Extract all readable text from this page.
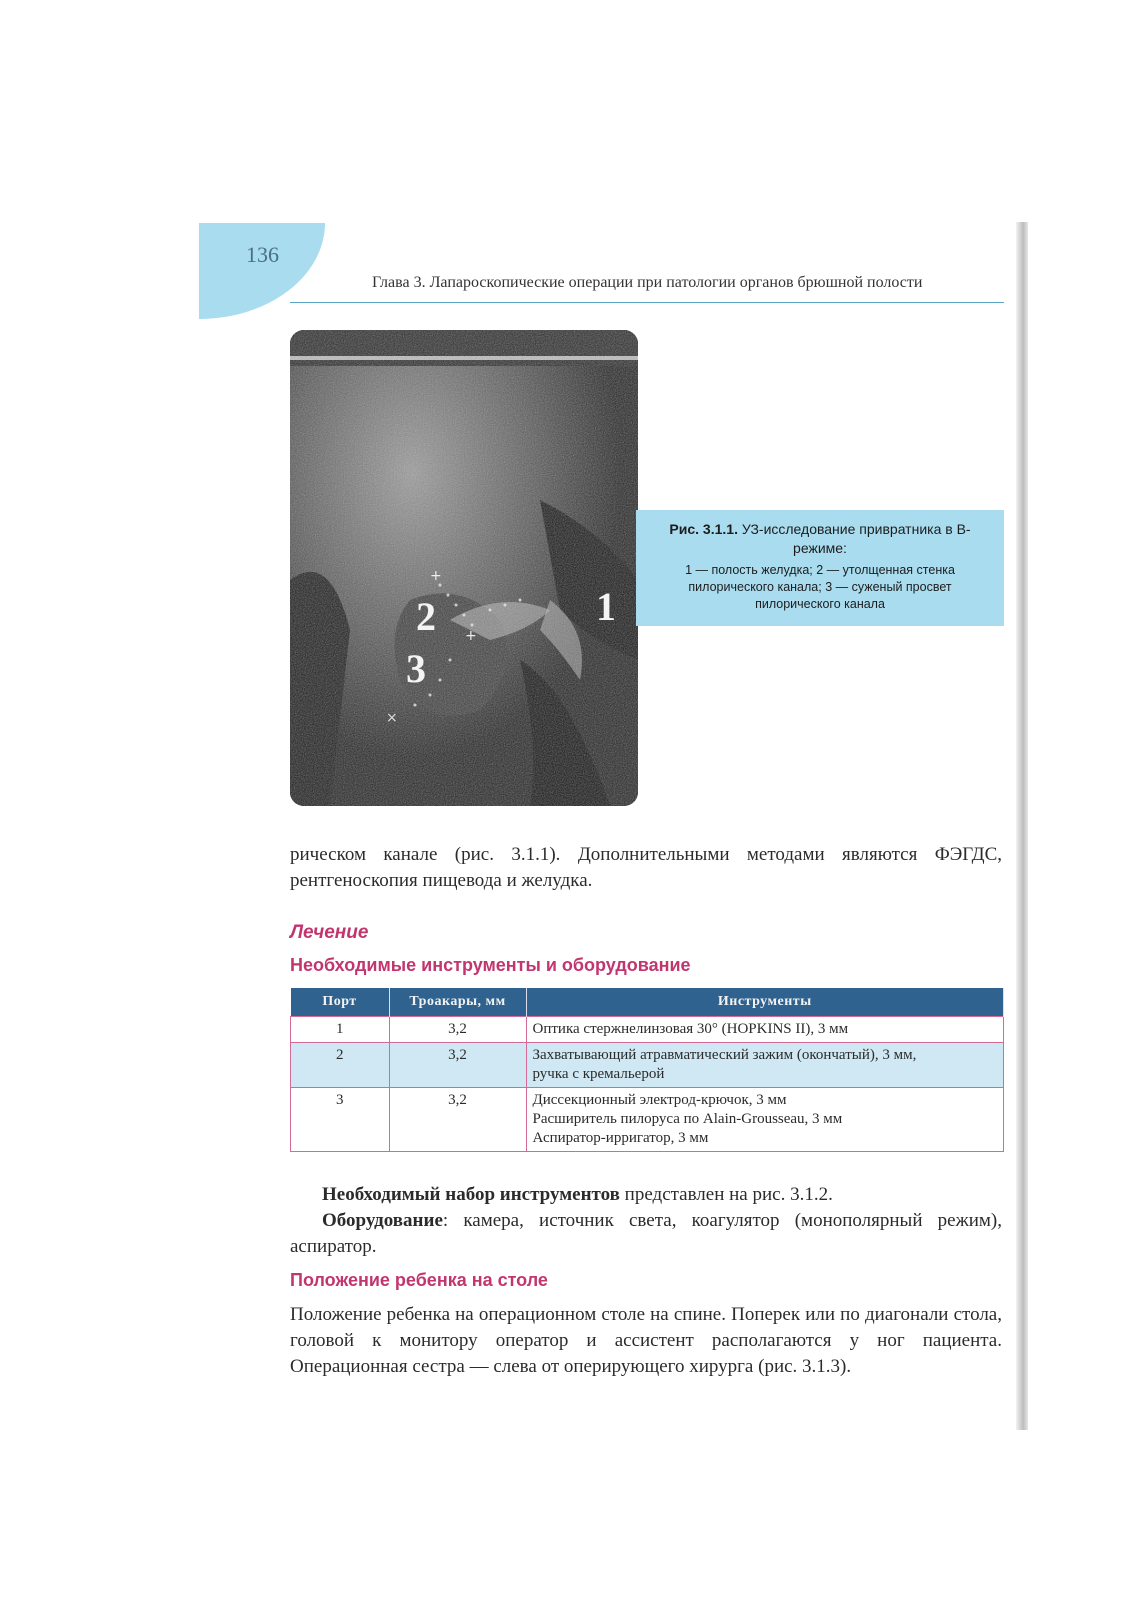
136
Глава 3. Лапароскопические операции при патологии органов брюшной полости
+
+
×
2
3
1
Рис. 3.1.1. УЗ-исследование привратника в В-режиме:
1 — полость желудка; 2 — утолщенная стенка пилорического канала; 3 — суженый просвет пилорического канала
рическом канале (рис. 3.1.1). Дополнительными методами являются ФЭГДС, рентгеноскопия пищевода и желудка.
Лечение
Необходимые инструменты и оборудование
Порт	Троакары, мм	Инструменты
1	3,2	Оптика стержнелинзовая 30° (HOPKINS II), 3 мм

2	3,2	Захватывающий атравматический зажим (окончатый), 3 мм,
ручка с кремальерой

3	3,2	Диссекционный электрод-крючок, 3 мм
Расширитель пилоруса по Alain-Grousseau, 3 мм
Аспиратор-ирригатор, 3 мм
Необходимый набор инструментов представлен на рис. 3.1.2.
Оборудование: камера, источник света, коагулятор (монополярный режим), аспиратор.
Положение ребенка на столе
Положение ребенка на операционном столе на спине. Поперек или по диагонали стола, головой к монитору оператор и ассистент располагаются у ног пациента. Операционная сестра — слева от оперирующего хирурга (рис. 3.1.3).
